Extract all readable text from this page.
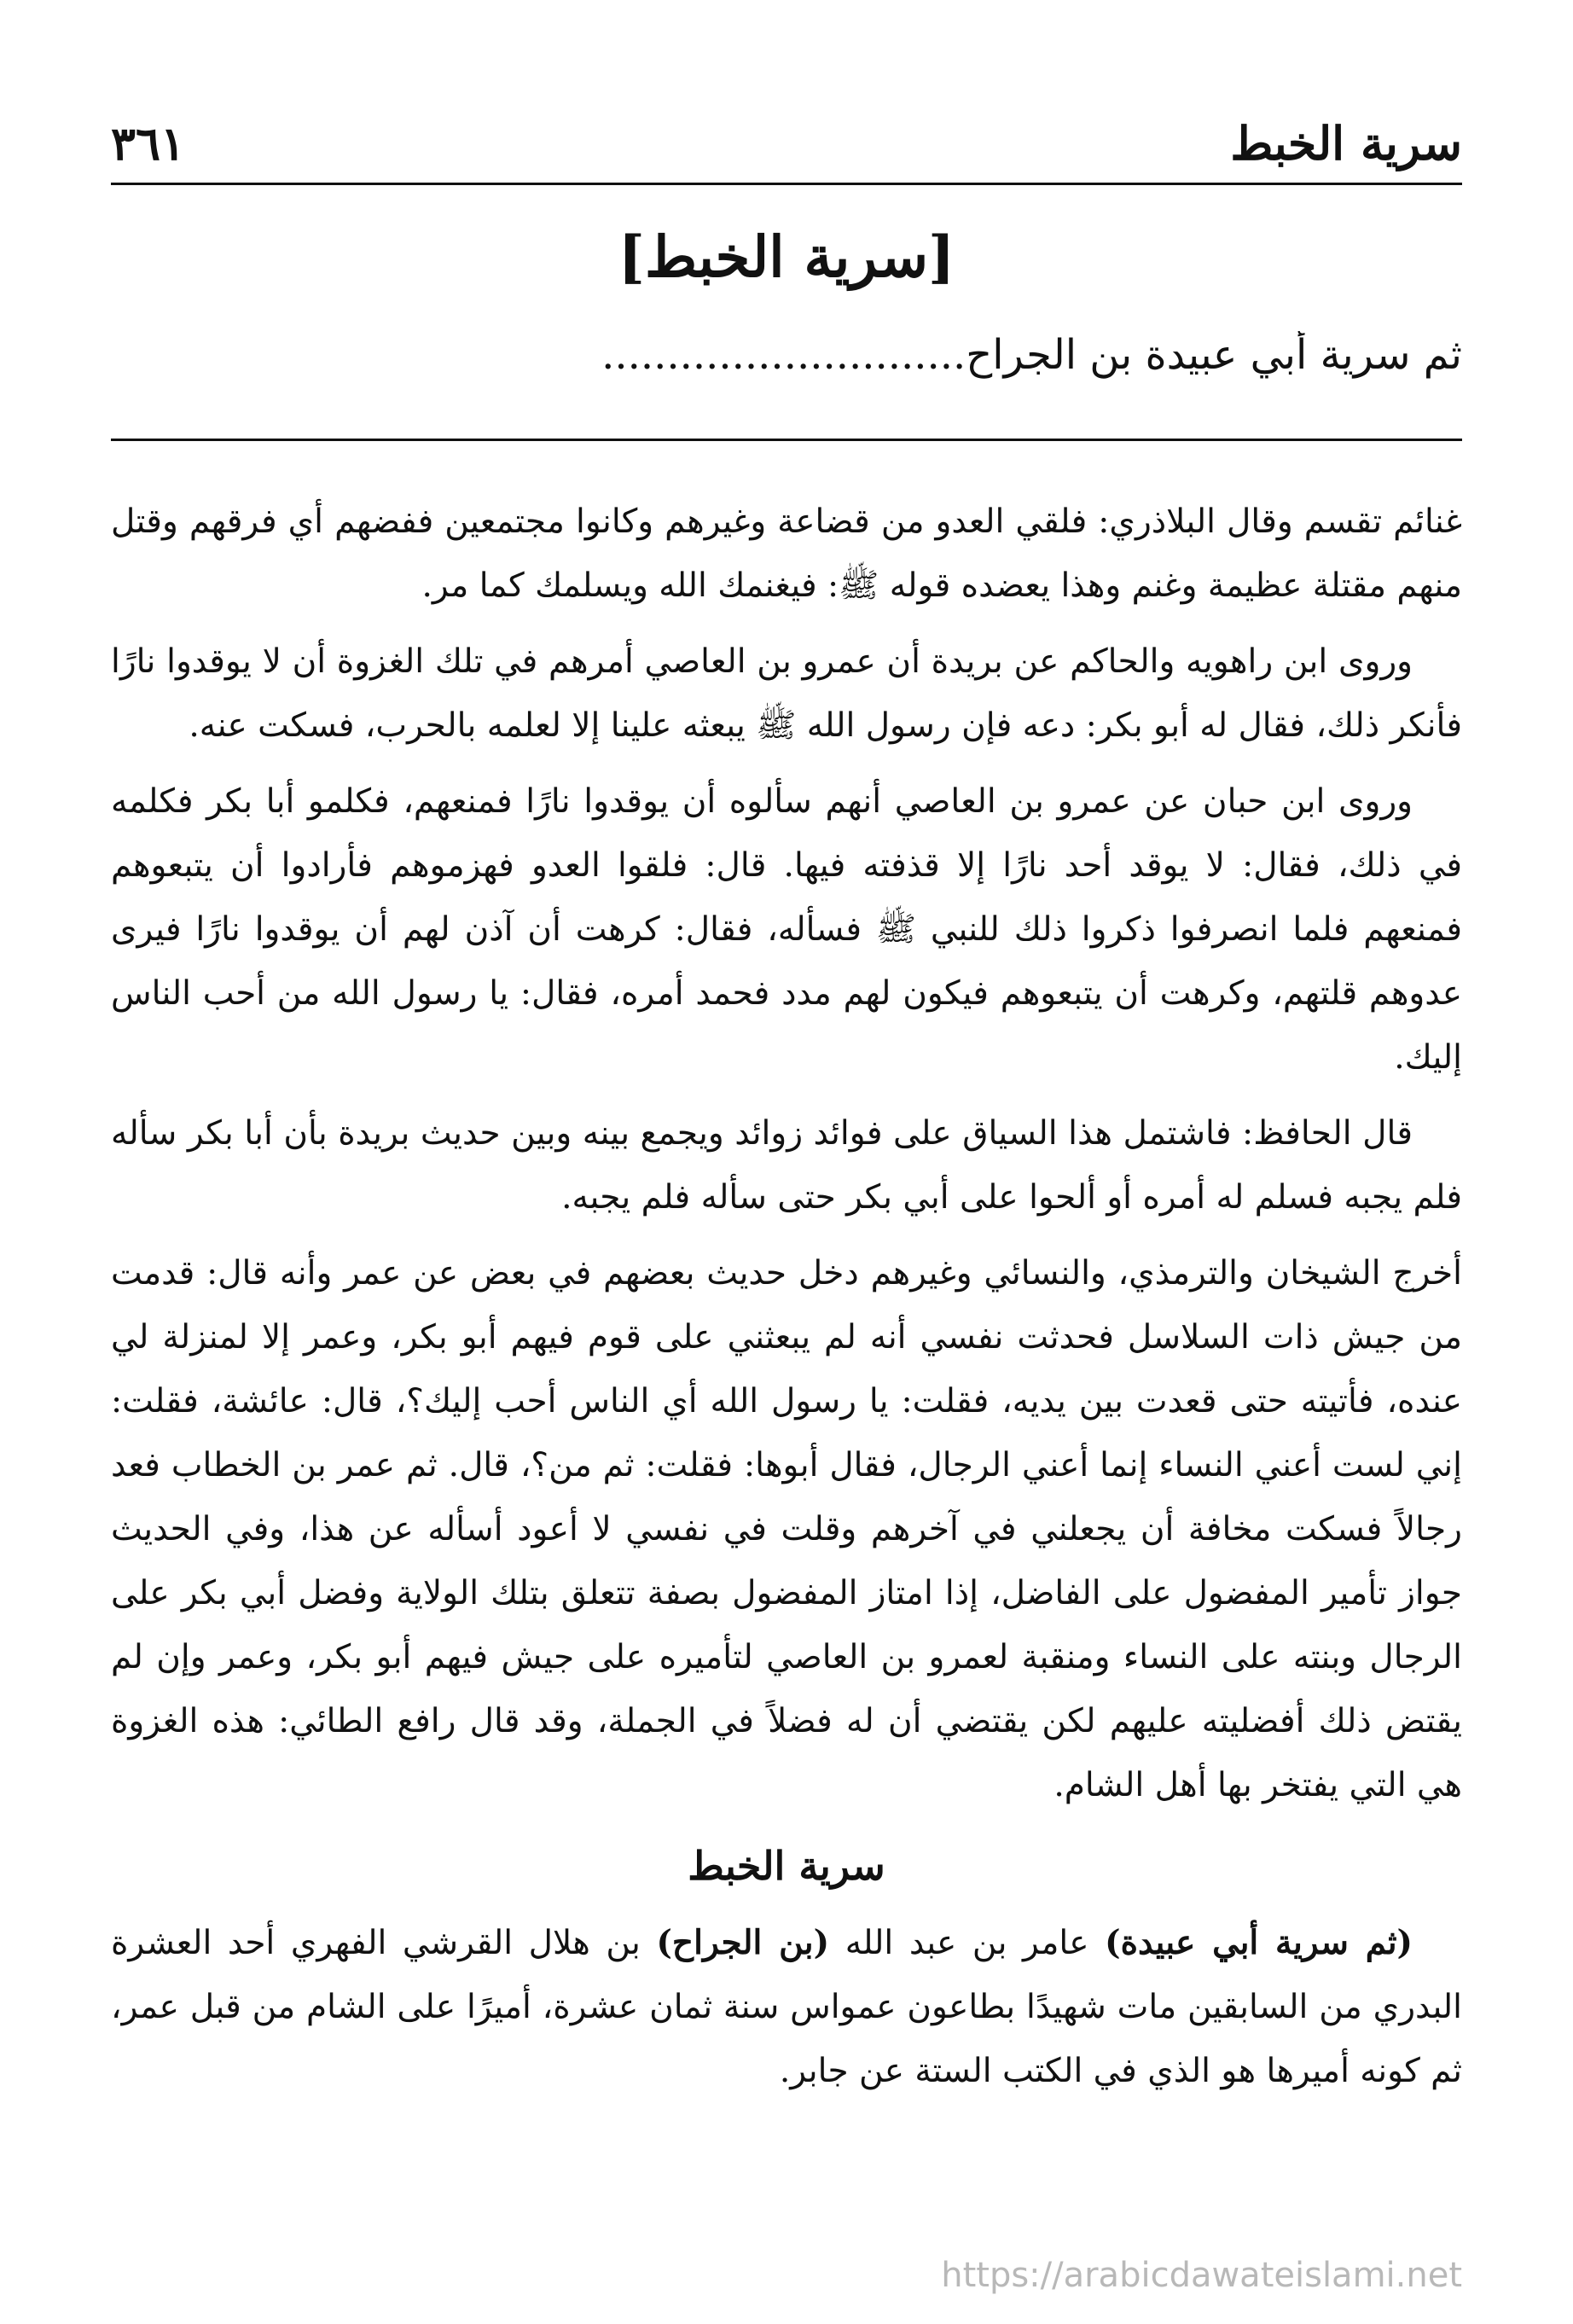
سرية الخبط
٣٦١
[سرية الخبط]
ثم سرية أبي عبيدة بن الجراح............................

غنائم تقسم وقال البلاذري: فلقي العدو من قضاعة وغيرهم وكانوا مجتمعين ففضهم أي فرقهم وقتل منهم مقتلة عظيمة وغنم وهذا يعضده قوله ﷺ: فيغنمك الله ويسلمك كما مر.

وروى ابن راهويه والحاكم عن بريدة أن عمرو بن العاصي أمرهم في تلك الغزوة أن لا يوقدوا نارًا فأنكر ذلك، فقال له أبو بكر: دعه فإن رسول الله ﷺ يبعثه علينا إلا لعلمه بالحرب، فسكت عنه.

وروى ابن حبان عن عمرو بن العاصي أنهم سألوه أن يوقدوا نارًا فمنعهم، فكلمو أبا بكر فكلمه في ذلك، فقال: لا يوقد أحد نارًا إلا قذفته فيها. قال: فلقوا العدو فهزموهم فأرادوا أن يتبعوهم فمنعهم فلما انصرفوا ذكروا ذلك للنبي ﷺ فسأله، فقال: كرهت أن آذن لهم أن يوقدوا نارًا فيرى عدوهم قلتهم، وكرهت أن يتبعوهم فيكون لهم مدد فحمد أمره، فقال: يا رسول الله من أحب الناس إليك.

قال الحافظ: فاشتمل هذا السياق على فوائد زوائد ويجمع بينه وبين حديث بريدة بأن أبا بكر سأله فلم يجبه فسلم له أمره أو ألحوا على أبي بكر حتى سأله فلم يجبه.

أخرج الشيخان والترمذي، والنسائي وغيرهم دخل حديث بعضهم في بعض عن عمر وأنه قال: قدمت من جيش ذات السلاسل فحدثت نفسي أنه لم يبعثني على قوم فيهم أبو بكر، وعمر إلا لمنزلة لي عنده، فأتيته حتى قعدت بين يديه، فقلت: يا رسول الله أي الناس أحب إليك؟، قال: عائشة، فقلت: إني لست أعني النساء إنما أعني الرجال، فقال أبوها: فقلت: ثم من؟، قال. ثم عمر بن الخطاب فعد رجالاً فسكت مخافة أن يجعلني في آخرهم وقلت في نفسي لا أعود أسأله عن هذا، وفي الحديث جواز تأمير المفضول على الفاضل، إذا امتاز المفضول بصفة تتعلق بتلك الولاية وفضل أبي بكر على الرجال وبنته على النساء ومنقبة لعمرو بن العاصي لتأميره على جيش فيهم أبو بكر، وعمر وإن لم يقتض ذلك أفضليته عليهم لكن يقتضي أن له فضلاً في الجملة، وقد قال رافع الطائي: هذه الغزوة هي التي يفتخر بها أهل الشام.

سرية الخبط

(ثم سرية أبي عبيدة) عامر بن عبد الله (بن الجراح) بن هلال القرشي الفهري أحد العشرة البدري من السابقين مات شهيدًا بطاعون عمواس سنة ثمان عشرة، أميرًا على الشام من قبل عمر، ثم كونه أميرها هو الذي في الكتب الستة عن جابر.

https://arabicdawateislami.net
